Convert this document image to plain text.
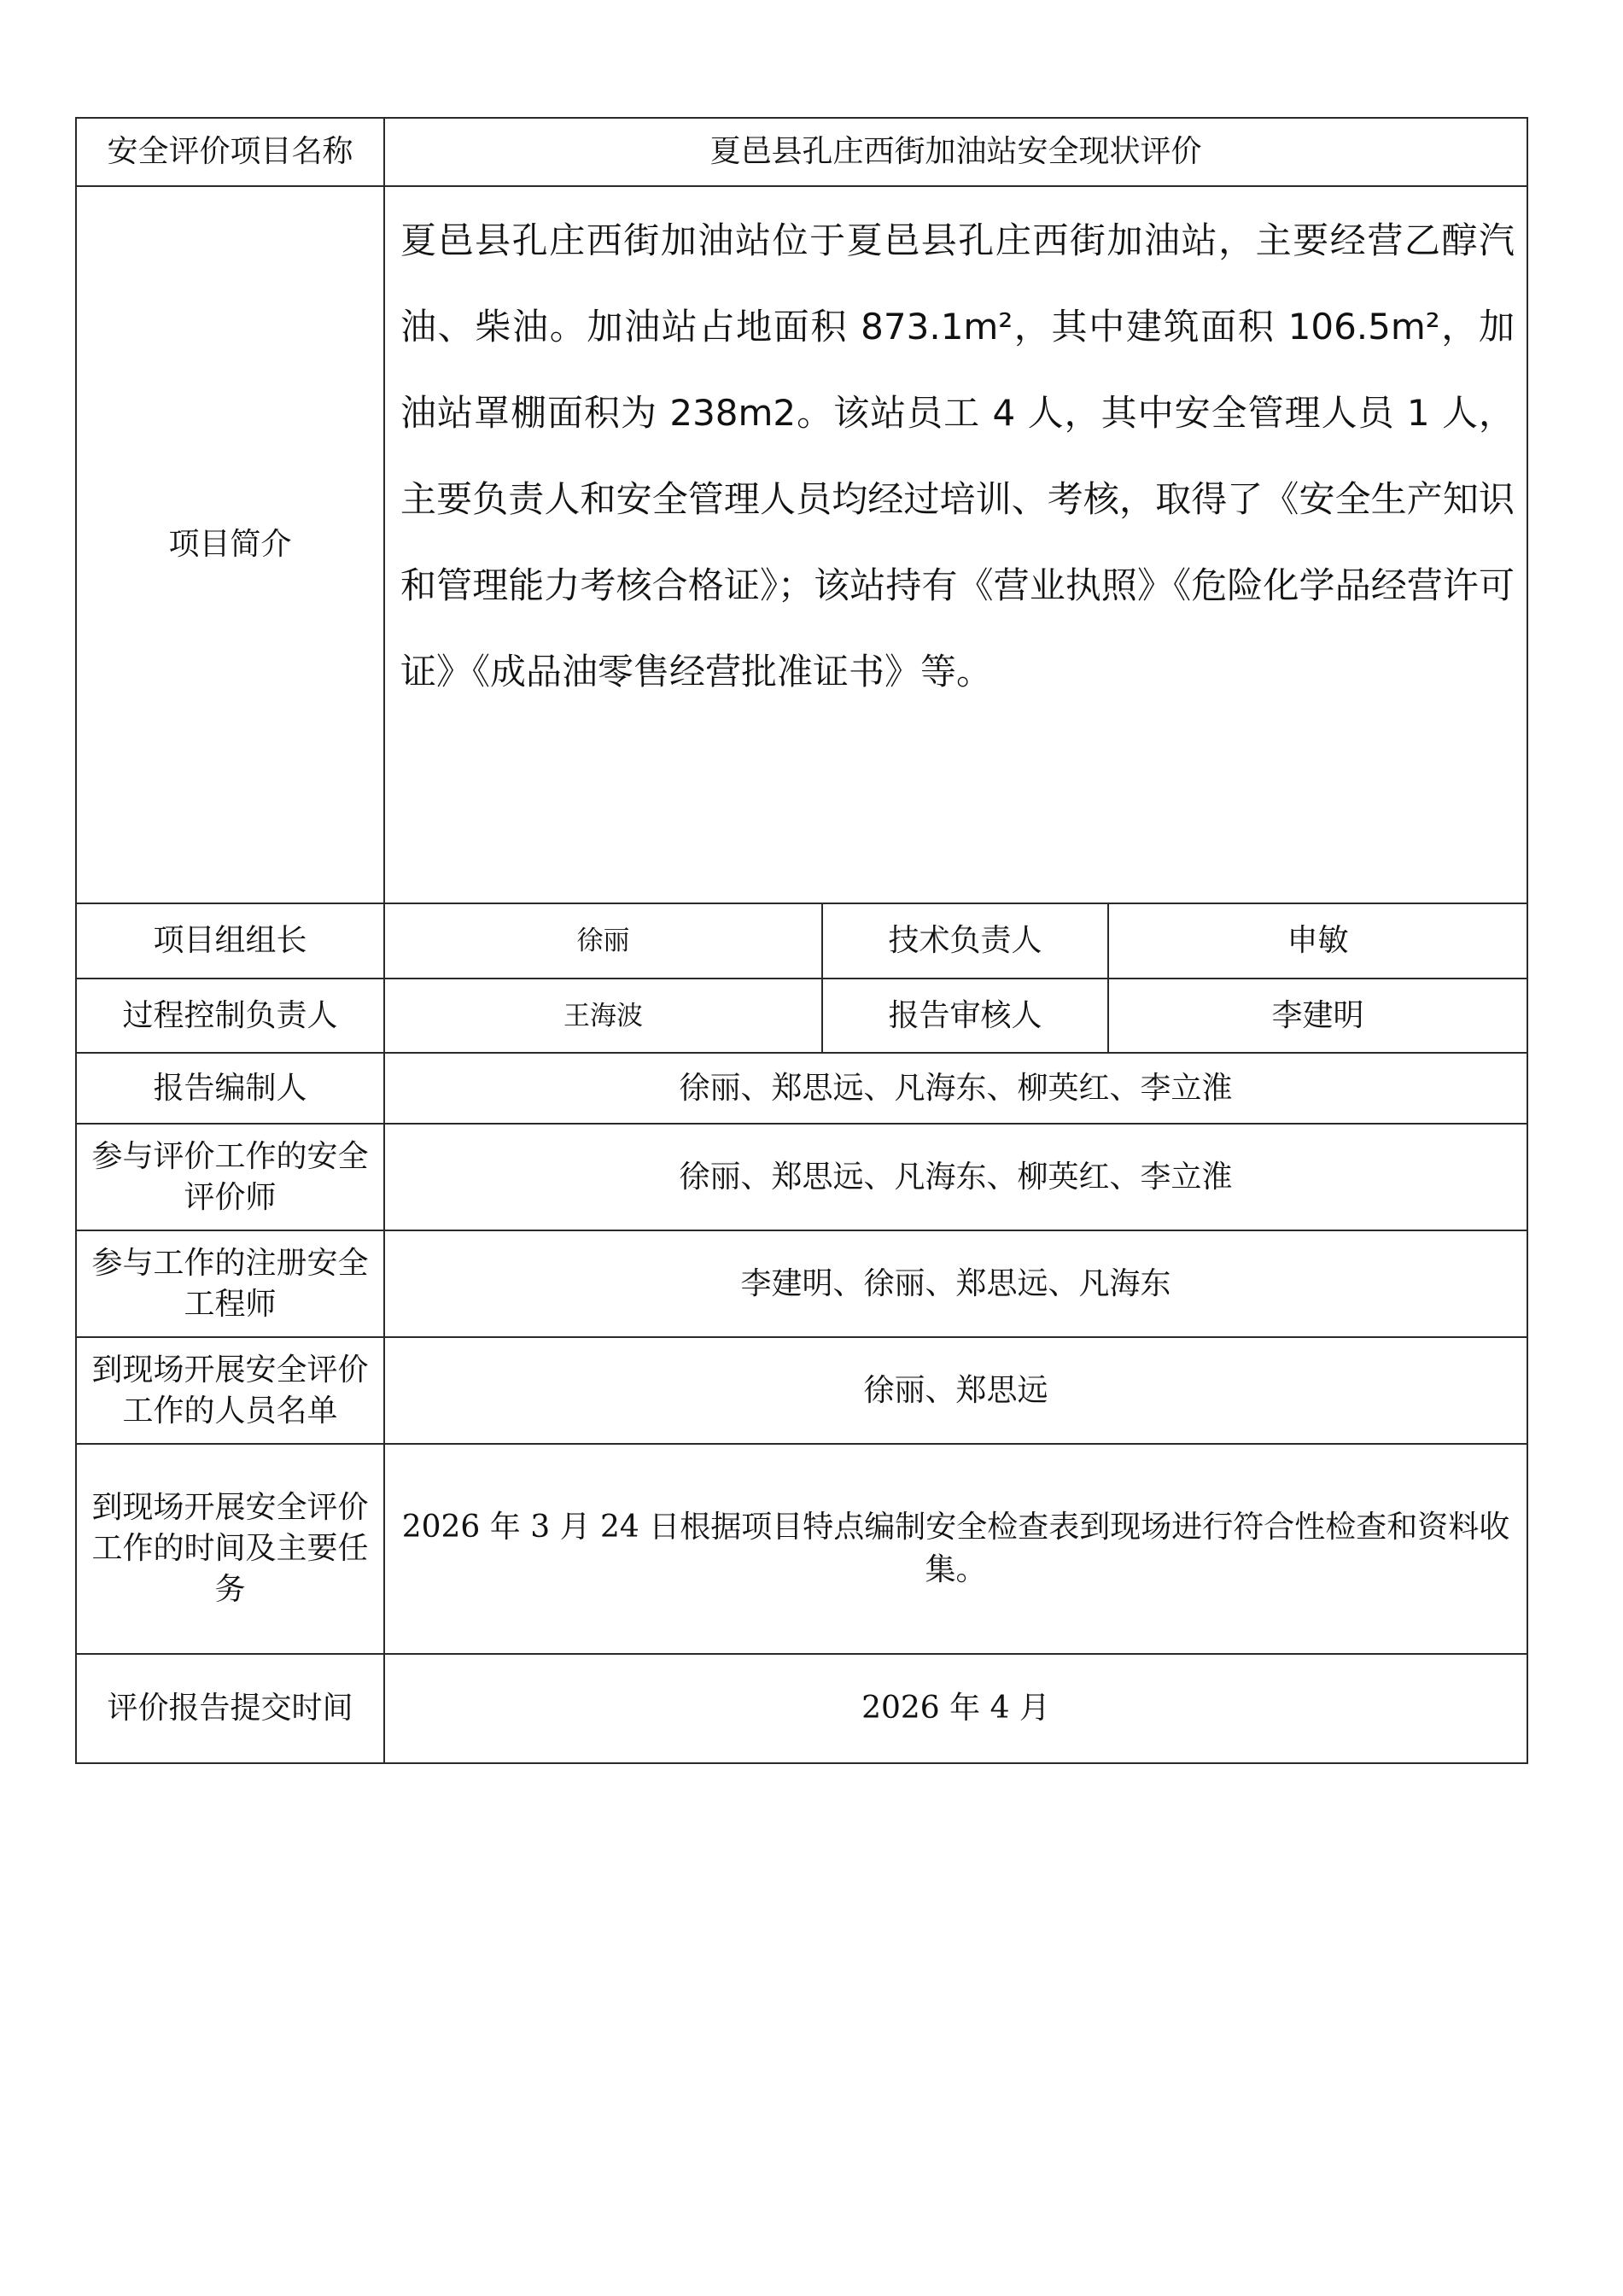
安全评价项目名称	夏邑县孔庄西街加油站安全现状评价		
项目简介	夏邑县孔庄西街加油站位于夏邑县孔庄西街加油站，主要经营乙醇汽油、柴油。加油站占地面积 873.1m²，其中建筑面积 106.5m²，加油站罩棚面积为 238m2。该站员工 4 人，其中安全管理人员 1 人，主要负责人和安全管理人员均经过培训、考核，取得了《安全生产知识和管理能力考核合格证》；该站持有《营业执照》《危险化学品经营许可证》《成品油零售经营批准证书》等。		

项目组组长	徐丽	技术负责人	申敏
过程控制负责人	王海波	报告审核人	李建明
报告编制人	徐丽、郑思远、凡海东、柳英红、李立淮		
参与评价工作的安全评价师	徐丽、郑思远、凡海东、柳英红、李立淮		
参与工作的注册安全工程师	李建明、徐丽、郑思远、凡海东		
到现场开展安全评价工作的人员名单	徐丽、郑思远		
到现场开展安全评价工作的时间及主要任务	2026 年 3 月 24 日根据项目特点编制安全检查表到现场进行符合性检查和资料收集。		

评价报告提交时间	2026 年 4 月		
